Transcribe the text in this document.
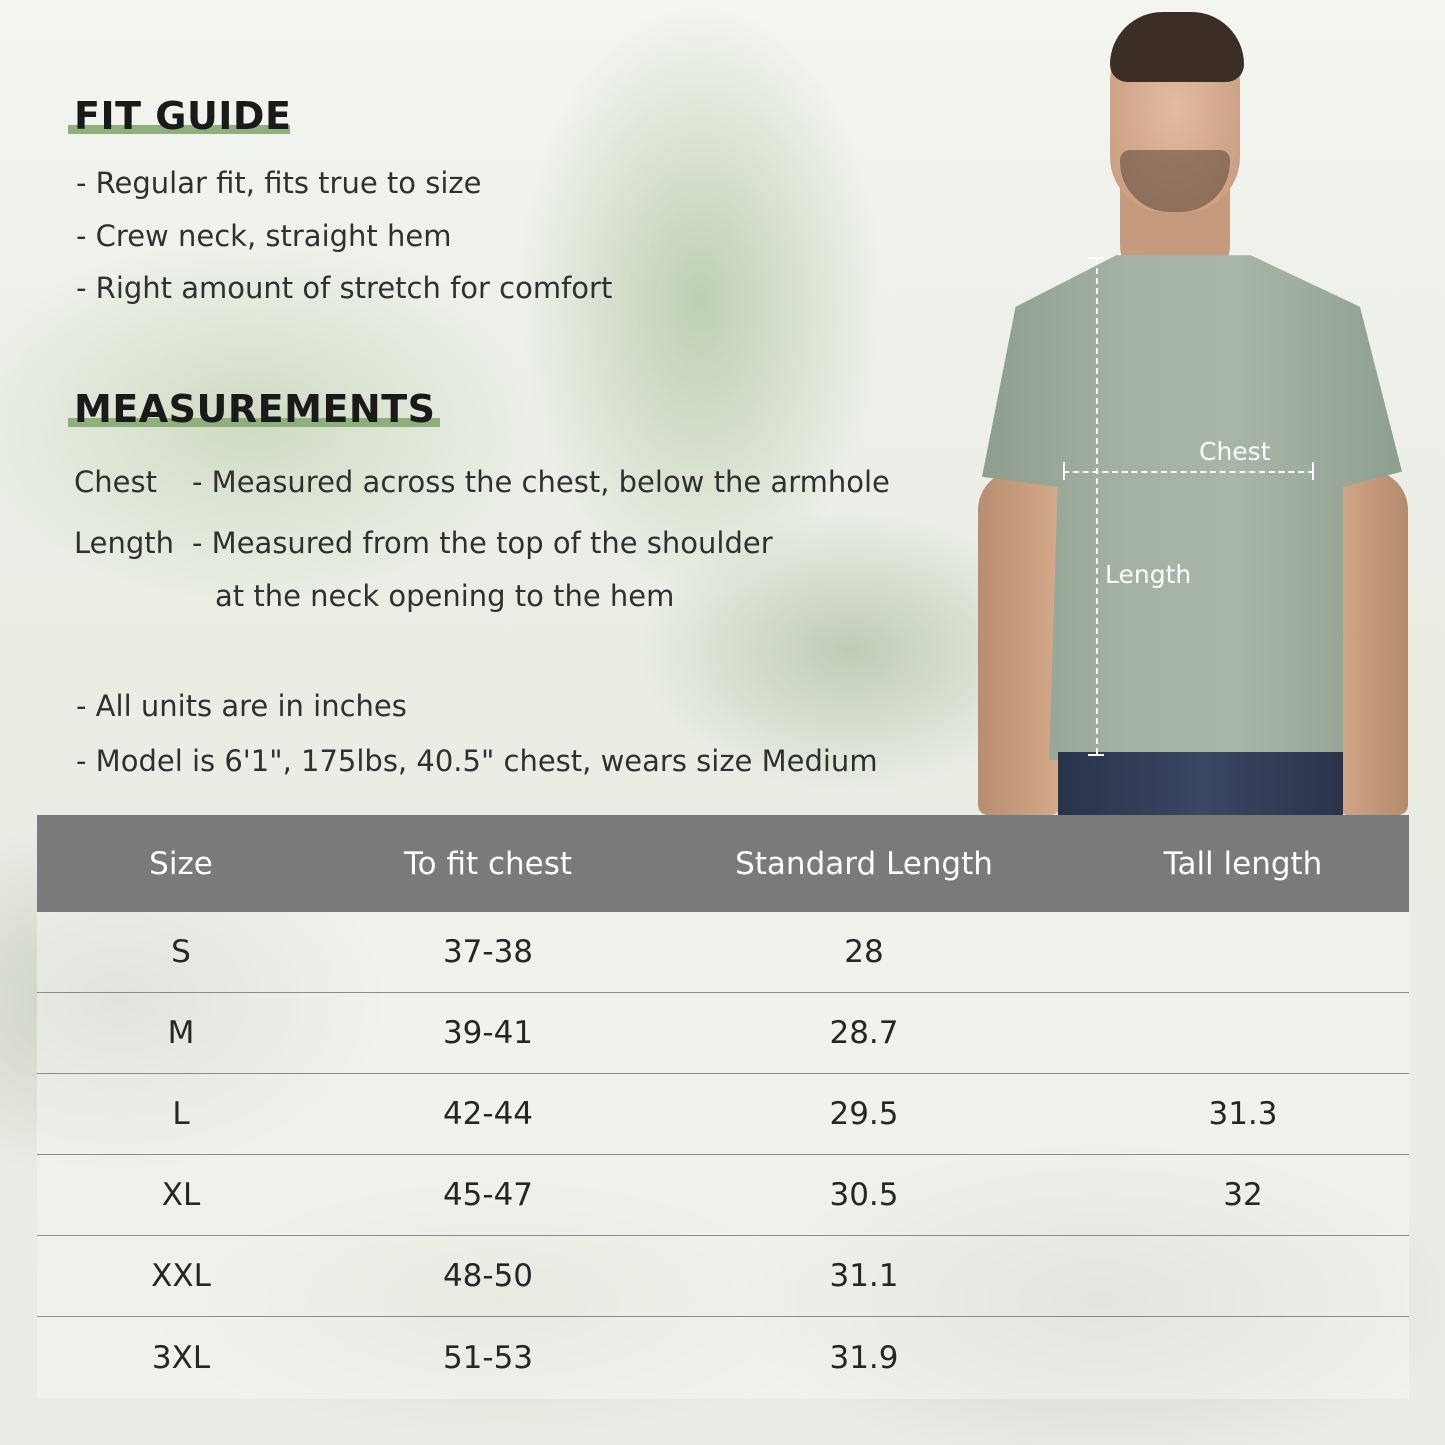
FIT GUIDE
- Regular fit, fits true to size
- Crew neck, straight hem
- Right amount of stretch for comfort
MEASUREMENTS
Chest - Measured across the chest, below the armhole
Length - Measured from the top of the shoulder
at the neck opening to the hem
- All units are in inches
- Model is 6'1", 175lbs, 40.5" chest, wears size Medium
Chest
Length
Size	To fit chest	Standard Length	Tall length
S	37-38	28
M	39-41	28.7
L	42-44	29.5	31.3
XL	45-47	30.5	32
XXL	48-50	31.1
3XL	51-53	31.9
